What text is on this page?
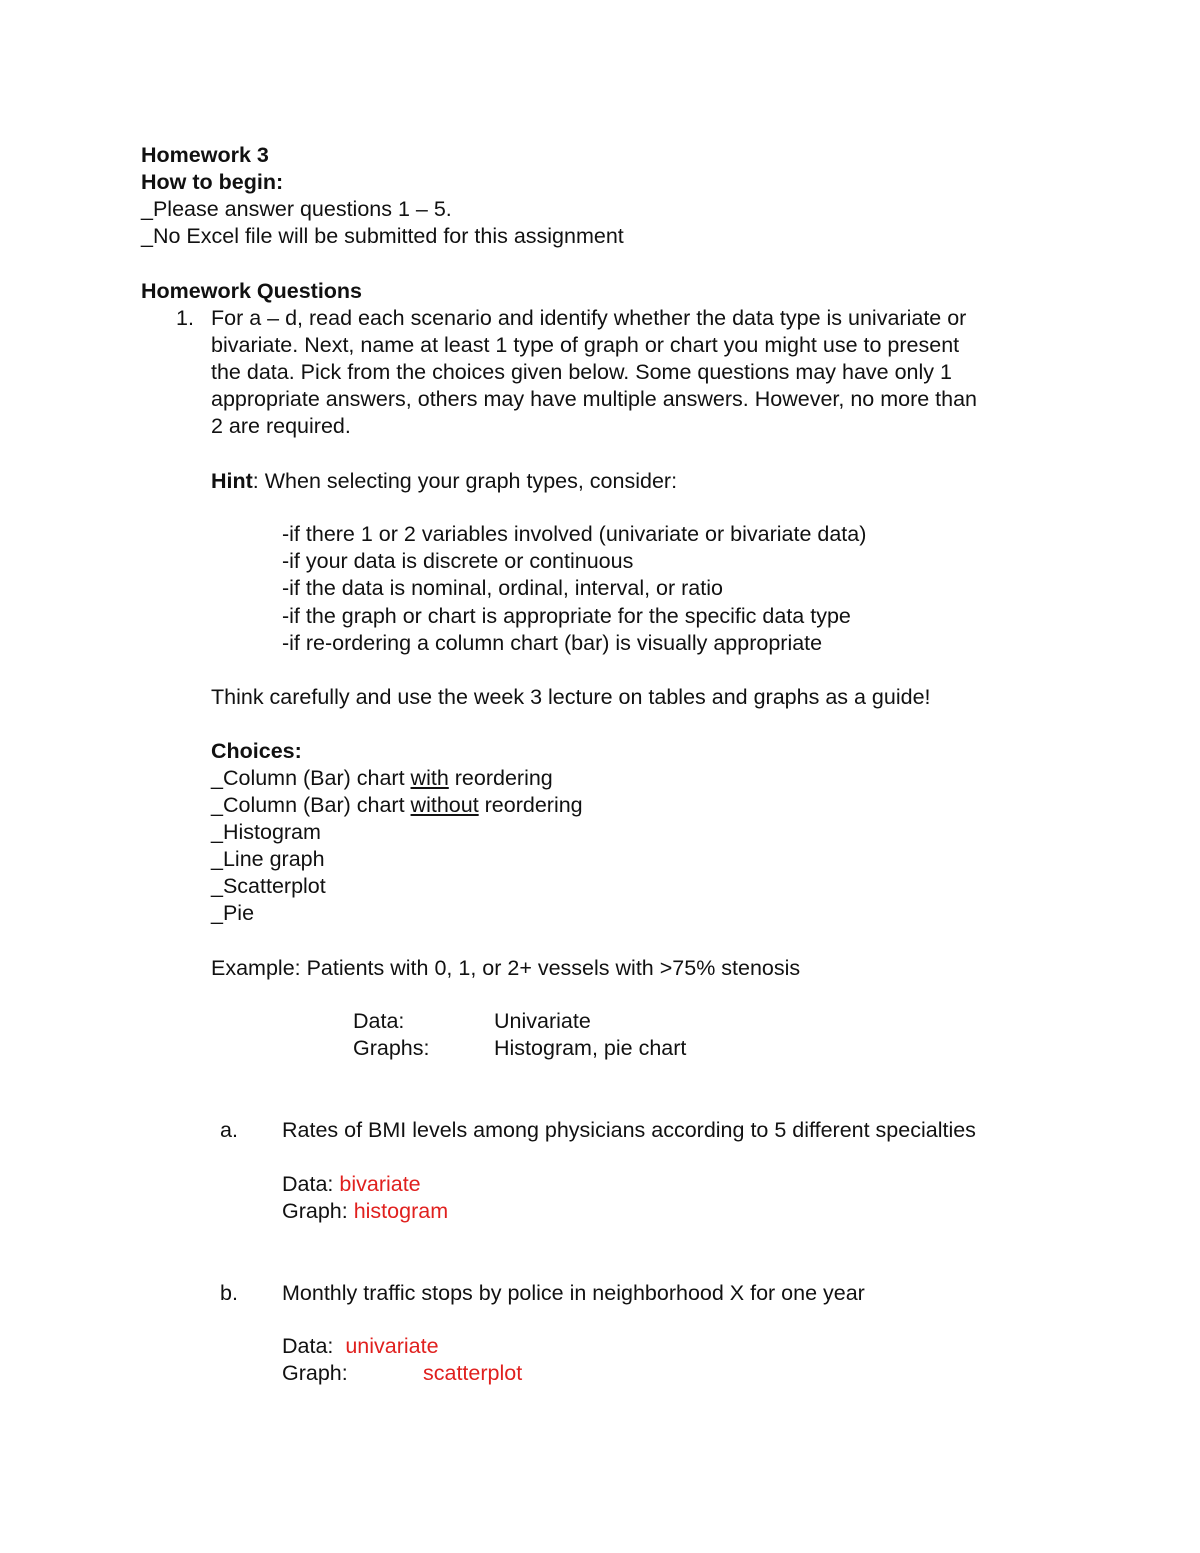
Homework 3
How to begin:
_Please answer questions 1 – 5.
_No Excel file will be submitted for this assignment
Homework Questions
1. For a – d, read each scenario and identify whether the data type is univariate or
bivariate. Next, name at least 1 type of graph or chart you might use to present
the data. Pick from the choices given below. Some questions may have only 1
appropriate answers, others may have multiple answers. However, no more than
2 are required.
Hint: When selecting your graph types, consider:
-if there 1 or 2 variables involved (univariate or bivariate data)
-if your data is discrete or continuous
-if the data is nominal, ordinal, interval, or ratio
-if the graph or chart is appropriate for the specific data type
-if re-ordering a column chart (bar) is visually appropriate
Think carefully and use the week 3 lecture on tables and graphs as a guide!
Choices:
_Column (Bar) chart with reordering
_Column (Bar) chart without reordering
_Histogram
_Line graph
_Scatterplot
_Pie
Example: Patients with 0, 1, or 2+ vessels with >75% stenosis
Data:	Univariate
Graphs:	Histogram, pie chart
a. Rates of BMI levels among physicians according to 5 different specialties
Data: bivariate
Graph: histogram
b. Monthly traffic stops by police in neighborhood X for one year
Data:  univariate
Graph:	scatterplot
